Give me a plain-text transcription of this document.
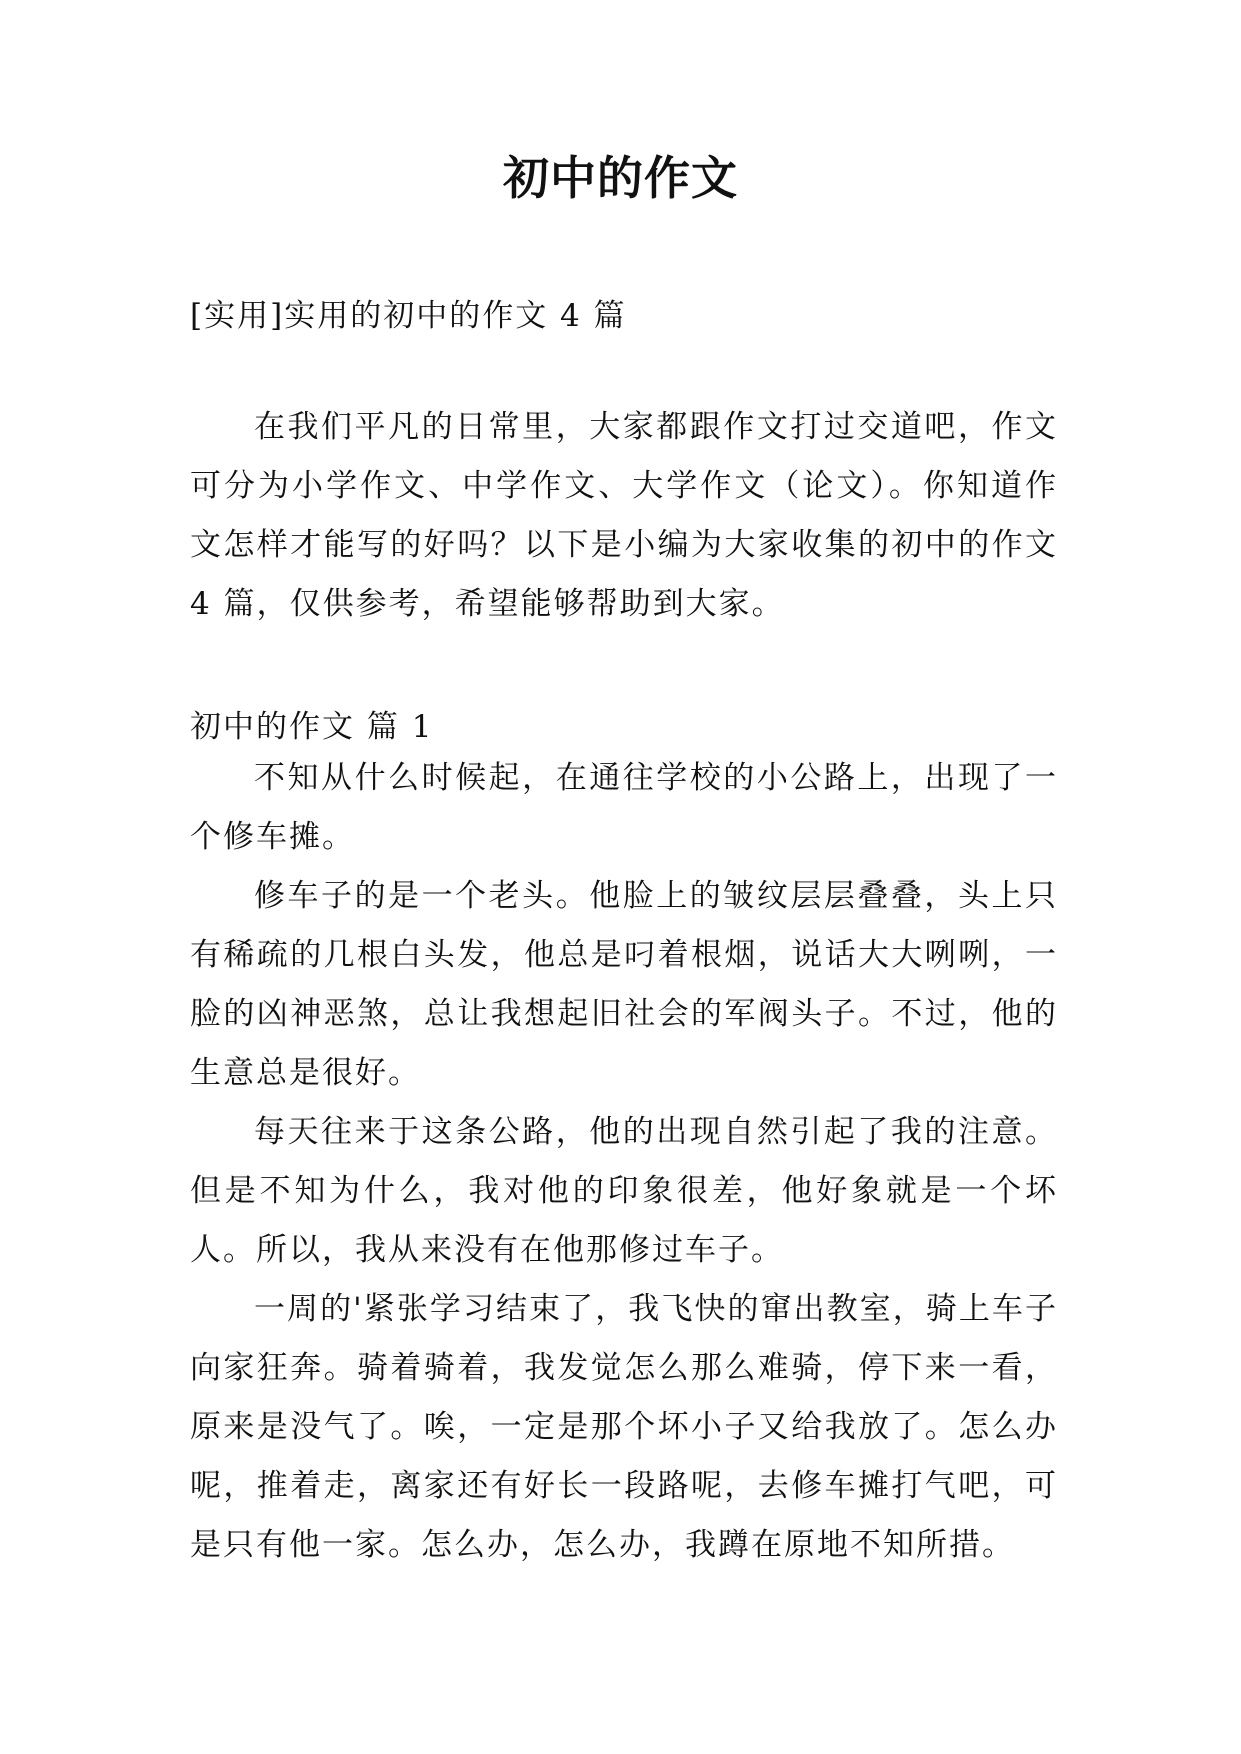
初中的作文
[实用]实用的初中的作文 4 篇
在我们平凡的日常里，大家都跟作文打过交道吧，作文可分为小学作文、中学作文、大学作文（论文）。你知道作文怎样才能写的好吗？以下是小编为大家收集的初中的作文 4 篇，仅供参考，希望能够帮助到大家。
初中的作文 篇 1
不知从什么时候起，在通往学校的小公路上，出现了一个修车摊。
修车子的是一个老头。他脸上的皱纹层层叠叠，头上只有稀疏的几根白头发，他总是叼着根烟，说话大大咧咧，一脸的凶神恶煞，总让我想起旧社会的军阀头子。不过，他的生意总是很好。
每天往来于这条公路，他的出现自然引起了我的注意。但是不知为什么，我对他的印象很差，他好象就是一个坏人。所以，我从来没有在他那修过车子。
一周的'紧张学习结束了，我飞快的窜出教室，骑上车子向家狂奔。骑着骑着，我发觉怎么那么难骑，停下来一看，原来是没气了。唉，一定是那个坏小子又给我放了。怎么办呢，推着走，离家还有好长一段路呢，去修车摊打气吧，可是只有他一家。怎么办，怎么办，我蹲在原地不知所措。
